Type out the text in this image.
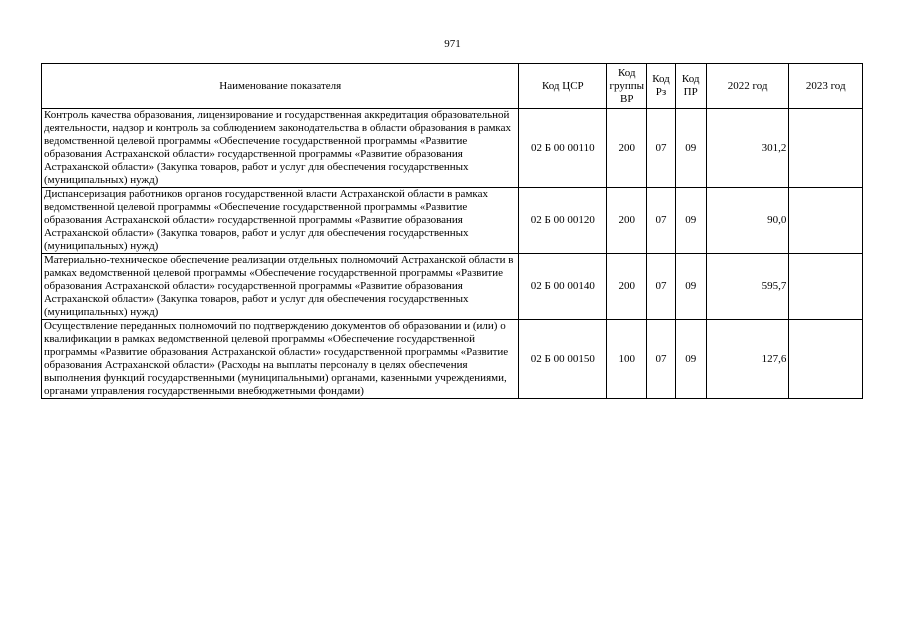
971
Наименование показателя	Код ЦСР	Код группы ВР	Код Рз	Код ПР	2022 год	2023 год
Контроль качества образования, лицензирование и государственная аккредитация образовательной деятельности, надзор и контроль за соблюдением законодательства в области образования в рамках ведомственной целевой программы «Обеспечение государственной программы «Развитие образования Астраханской области» государственной программы «Развитие образования Астраханской области» (Закупка товаров, работ и услуг для обеспечения государственных (муниципальных) нужд)	02 Б 00 00110	200	07	09	301,2	
Диспансеризация работников органов государственной власти Астраханской области в рамках ведомственной целевой программы «Обеспечение государственной программы «Развитие образования Астраханской области» государственной программы «Развитие образования Астраханской области» (Закупка товаров, работ и услуг для обеспечения государственных (муниципальных) нужд)	02 Б 00 00120	200	07	09	90,0	
Материально-техническое обеспечение реализации отдельных полномочий Астраханской области в рамках ведомственной целевой программы «Обеспечение государственной программы «Развитие образования Астраханской области» государственной программы «Развитие образования Астраханской области» (Закупка товаров, работ и услуг для обеспечения государственных (муниципальных) нужд)	02 Б 00 00140	200	07	09	595,7	
Осуществление переданных полномочий по подтверждению документов об образовании и (или) о квалификации в рамках ведомственной целевой программы «Обеспечение государственной программы «Развитие образования Астраханской области» государственной программы «Развитие образования Астраханской области» (Расходы на выплаты персоналу в целях обеспечения выполнения функций государственными (муниципальными) органами, казенными учреждениями, органами управления государственными внебюджетными фондами)	02 Б 00 00150	100	07	09	127,6	
